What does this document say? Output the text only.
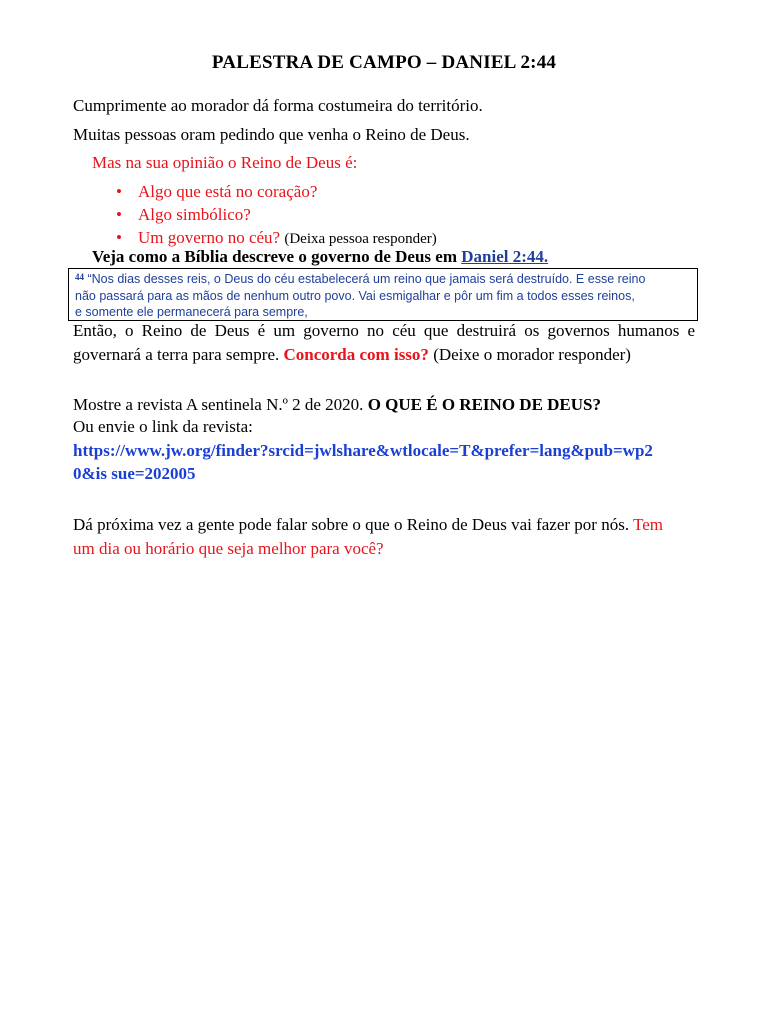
PALESTRA DE CAMPO – DANIEL 2:44
Cumprimente ao morador dá forma costumeira do território.
Muitas pessoas oram pedindo que venha o Reino de Deus.
Mas na sua opinião o Reino de Deus é:
• Algo que está no coração?
• Algo simbólico?
• Um governo no céu? (Deixa pessoa responder)
Veja como a Bíblia descreve o governo de Deus em Daniel 2:44.
$^{44}$ “Nos dias desses reis, o Deus do céu estabelecerá um reino que jamais será destruído. E esse reino
não passará para as mãos de nenhum outro povo. Vai esmigalhar e pôr um fim a todos esses reinos,
e somente ele permanecerá para sempre,
Então, o Reino de Deus é um governo no céu que destruirá os governos humanos e
governará a terra para sempre. Concorda com isso? (Deixe o morador responder)
Mostre a revista A sentinela N.º 2 de 2020. O QUE É O REINO DE DEUS?
Ou envie o link da revista:
https://www.jw.org/finder?srcid=jwlshare&wtlocale=T&prefer=lang&pub=wp2
0&is sue=202005
Dá próxima vez a gente pode falar sobre o que o Reino de Deus vai fazer por nós. Tem
um dia ou horário que seja melhor para você?
